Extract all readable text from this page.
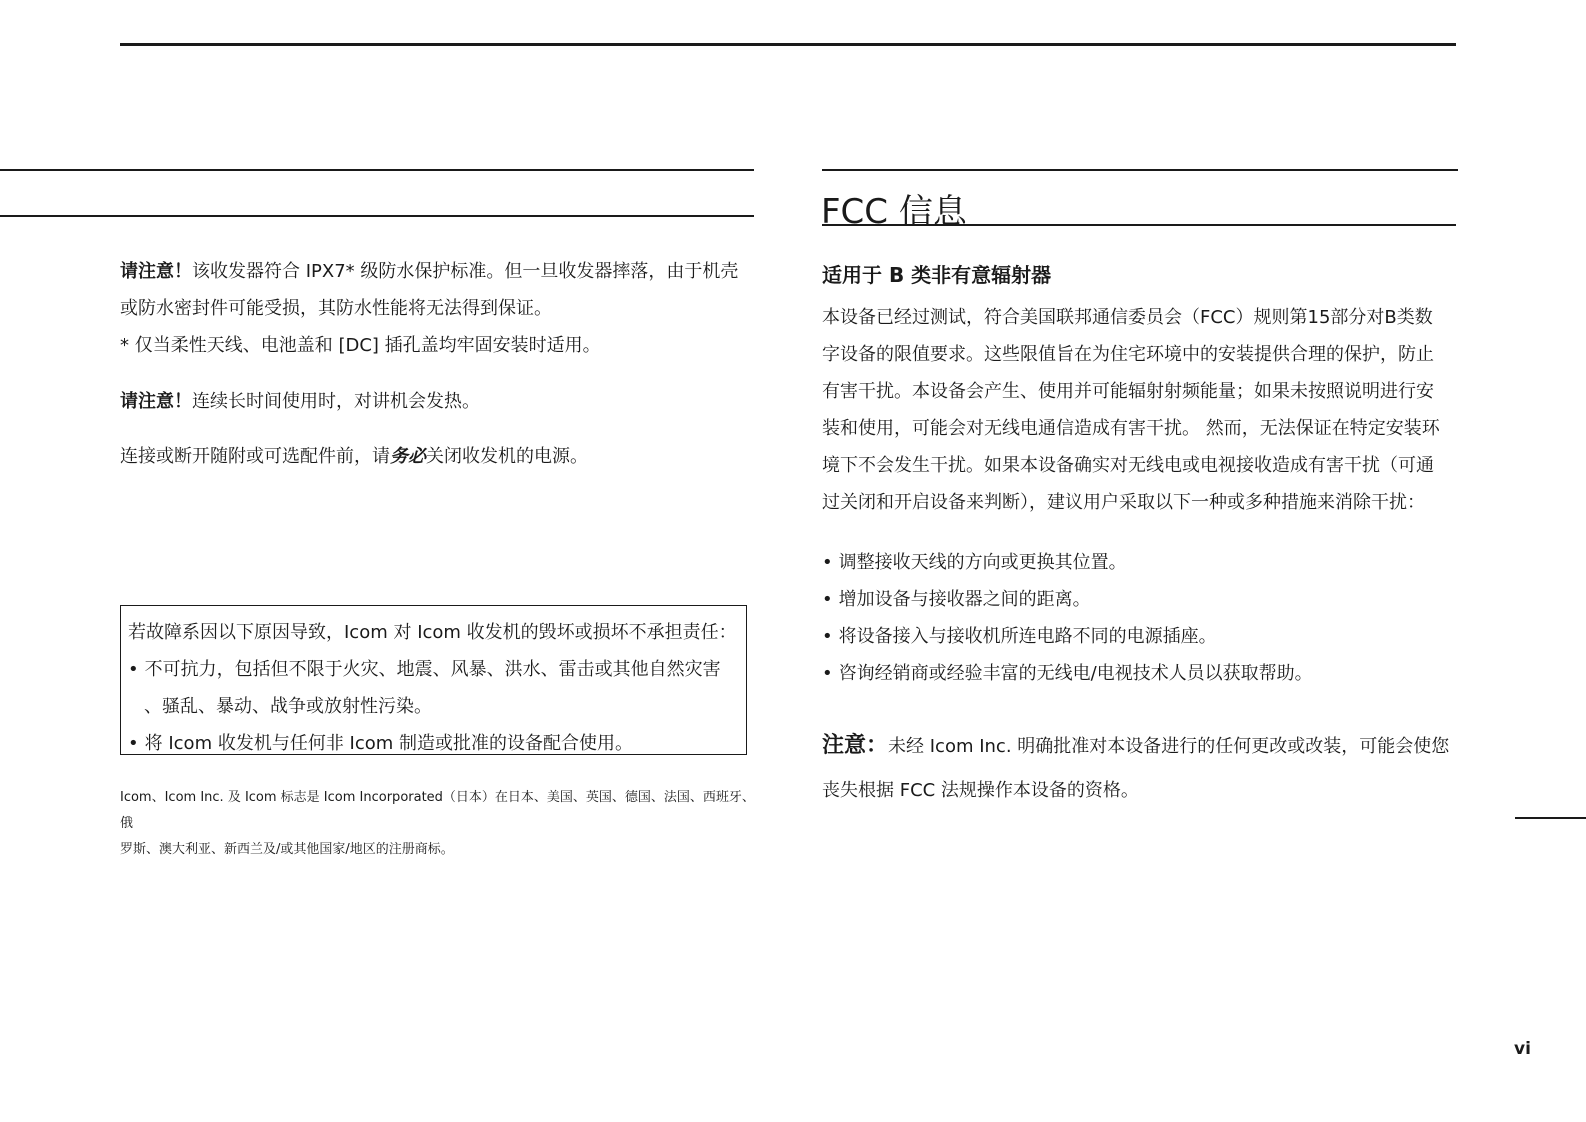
请注意！该收发器符合 IPX7* 级防水保护标准。但一旦收发器摔落，由于机壳

或防水密封件可能受损，其防水性能将无法得到保证。

* 仅当柔性天线、电池盖和 [DC] 插孔盖均牢固安装时适用。

请注意！连续长时间使用时，对讲机会发热。

连接或断开随附或可选配件前，请务必关闭收发机的电源。

若故障系因以下原因导致，Icom 对 Icom 收发机的毁坏或损坏不承担责任：

• 不可抗力，包括但不限于火灾、地震、风暴、洪水、雷击或其他自然灾害

、骚乱、暴动、战争或放射性污染。

• 将 Icom 收发机与任何非 Icom 制造或批准的设备配合使用。

Icom、Icom Inc. 及 Icom 标志是 Icom Incorporated（日本）在日本、美国、英国、德国、法国、西班牙、俄

罗斯、澳大利亚、新西兰及/或其他国家/地区的注册商标。

FCC 信息
适用于 B 类非有意辐射器

本设备已经过测试，符合美国联邦通信委员会（FCC）规则第15部分对B类数

字设备的限值要求。这些限值旨在为住宅环境中的安装提供合理的保护，防止

有害干扰。本设备会产生、使用并可能辐射射频能量；如果未按照说明进行安

装和使用，可能会对无线电通信造成有害干扰。 然而，无法保证在特定安装环

境下不会发生干扰。如果本设备确实对无线电或电视接收造成有害干扰（可通

过关闭和开启设备来判断），建议用户采取以下一种或多种措施来消除干扰：

• 调整接收天线的方向或更换其位置。

• 增加设备与接收器之间的距离。

• 将设备接入与接收机所连电路不同的电源插座。

• 咨询经销商或经验丰富的无线电/电视技术人员以获取帮助。

注意：未经 Icom Inc. 明确批准对本设备进行的任何更改或改装，可能会使您

丧失根据 FCC 法规操作本设备的资格。

vi
